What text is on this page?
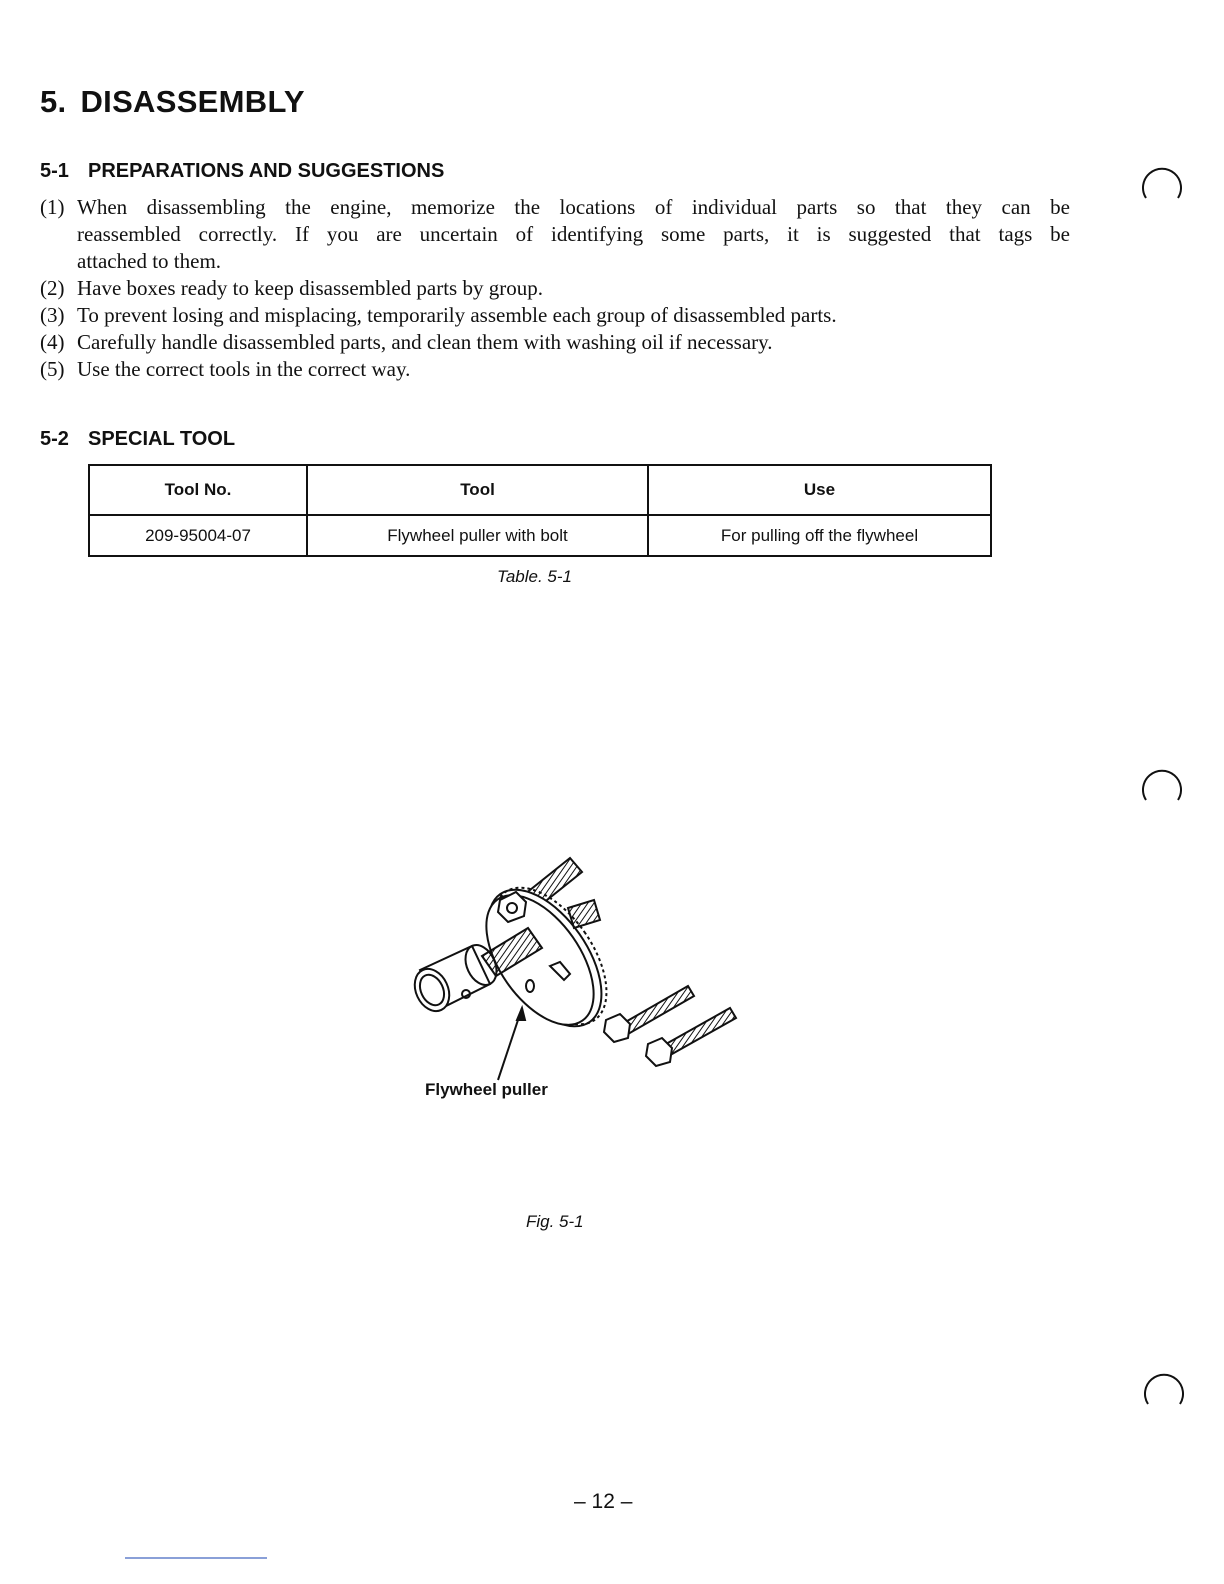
5. DISASSEMBLY
5-1 PREPARATIONS AND SUGGESTIONS
(1) When disassembling the engine, memorize the locations of individual parts so that they can be
reassembled correctly. If you are uncertain of identifying some parts, it is suggested that tags be
attached to them.
(2) Have boxes ready to keep disassembled parts by group.
(3) To prevent losing and misplacing, temporarily assemble each group of disassembled parts.
(4) Carefully handle disassembled parts, and clean them with washing oil if necessary.
(5) Use the correct tools in the correct way.
5-2 SPECIAL TOOL
Tool No.	Tool	Use
209-95004-07	Flywheel puller with bolt	For pulling off the flywheel
Table. 5-1
Flywheel puller
Fig. 5-1
– 12 –
